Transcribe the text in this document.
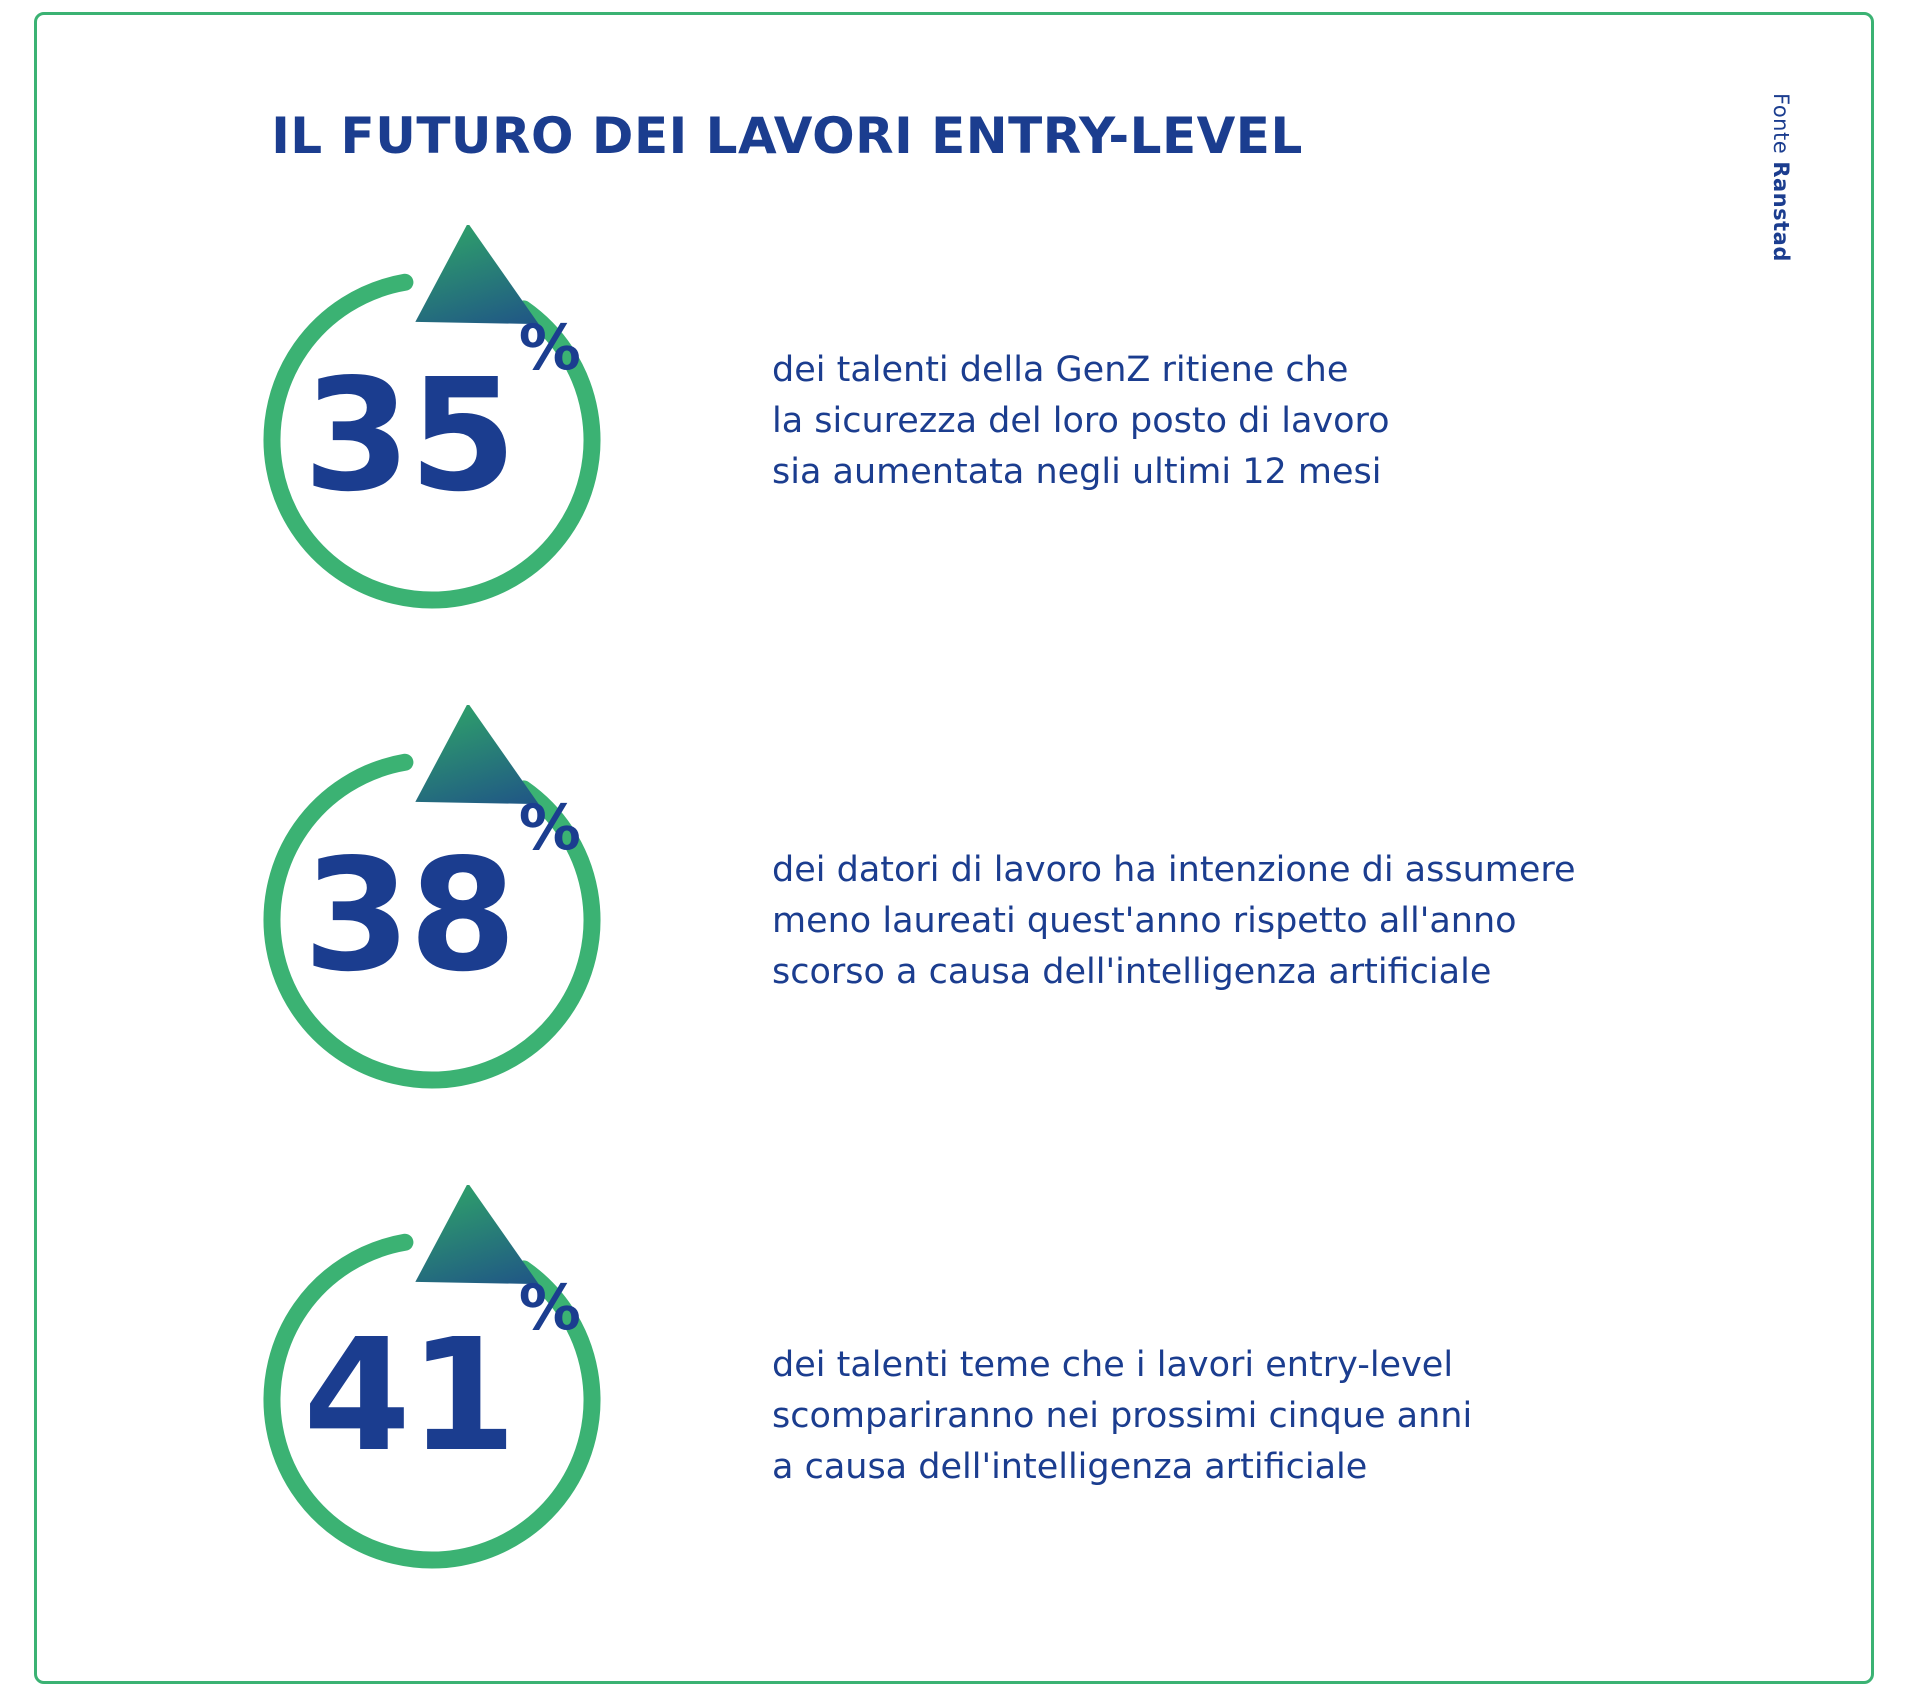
IL FUTURO DEI LAVORI ENTRY-LEVEL	Fonte Ranstad
35 %	dei talenti della GenZ ritiene che
la sicurezza del loro posto di lavoro
sia aumentata negli ultimi 12 mesi
38 %
dei datori di lavoro ha intenzione di assumere
meno laureati quest'anno rispetto all'anno
scorso a causa dell'intelligenza artificiale
41 %
dei talenti teme che i lavori entry-level
scompariranno nei prossimi cinque anni
a causa dell'intelligenza artificiale
